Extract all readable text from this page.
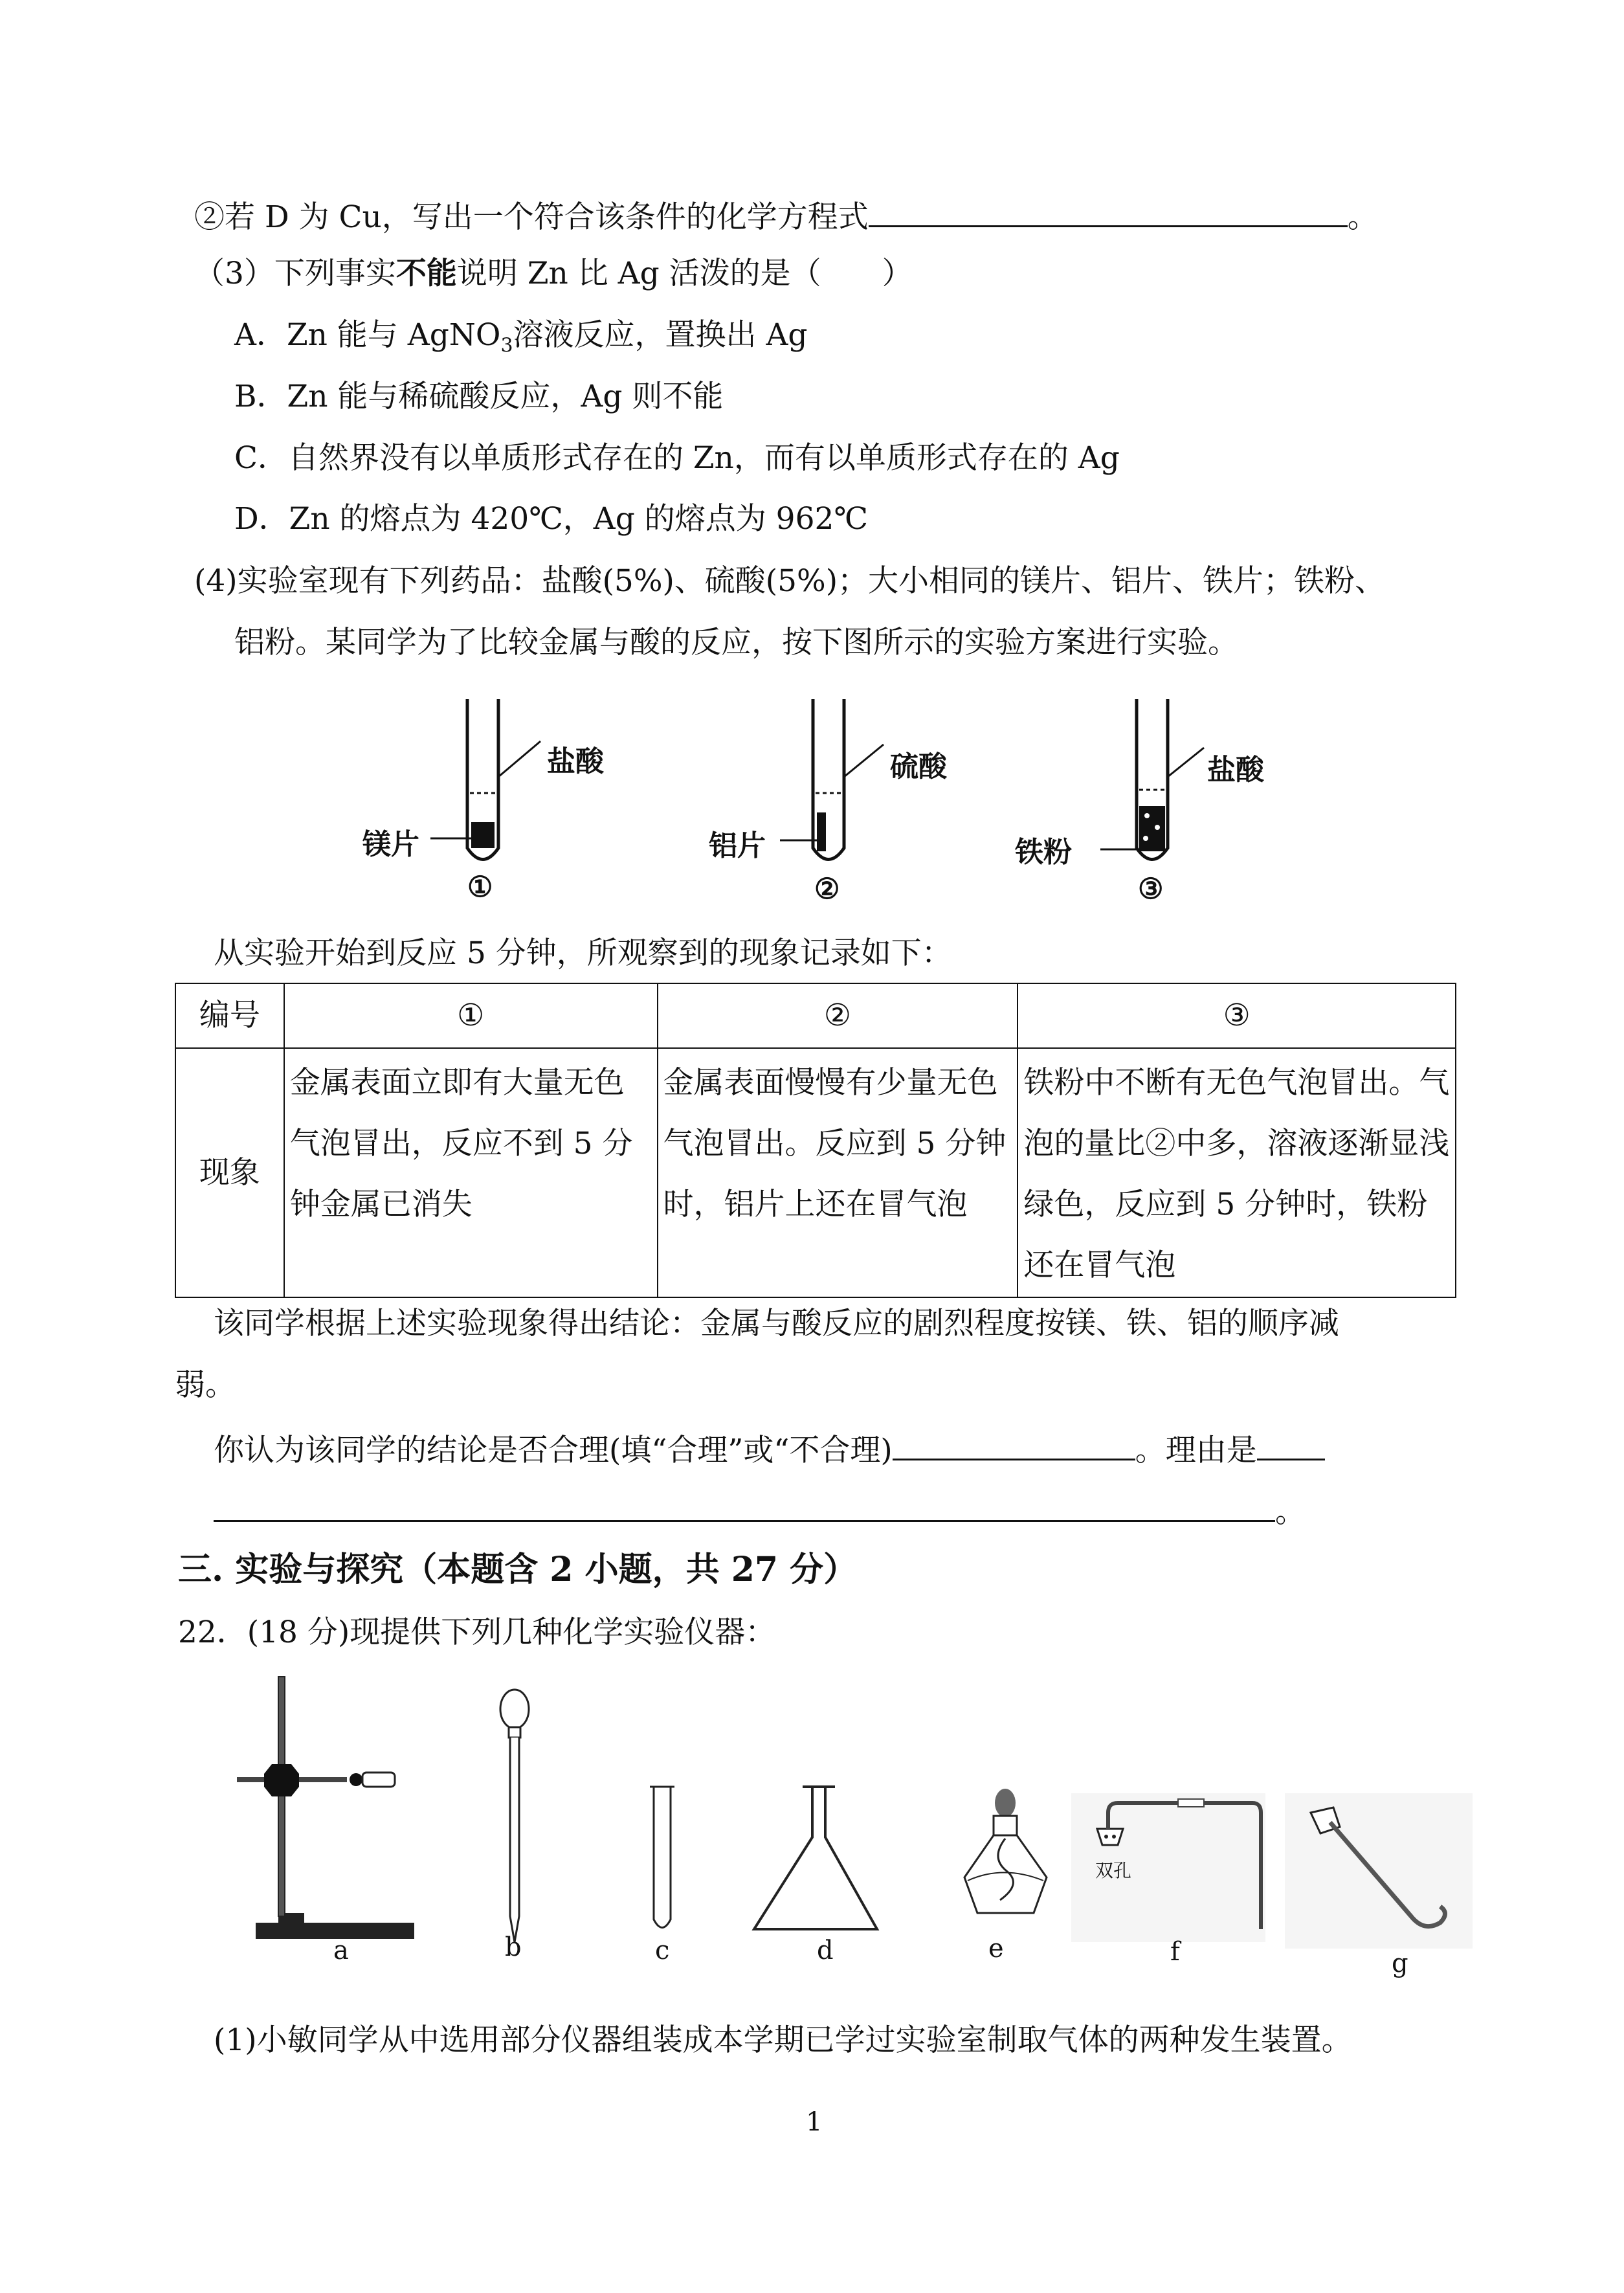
②若 D 为 Cu，写出一个符合该条件的化学方程式	。
（3）下列事实不能说明 Zn 比 Ag 活泼的是（　　）
A．Zn 能与 AgNO$_3$溶液反应，置换出 Ag
B．Zn 能与稀硫酸反应，Ag 则不能
C．自然界没有以单质形式存在的 Zn，而有以单质形式存在的 Ag
D．Zn 的熔点为 420℃，Ag 的熔点为 962℃
(4)实验室现有下列药品：盐酸(5%)、硫酸(5%)；大小相同的镁片、铝片、铁片；铁粉、
铝粉。某同学为了比较金属与酸的反应，按下图所示的实验方案进行实验。
盐酸
镁片
①
硫酸
铝片
②
盐酸
铁粉
③
从实验开始到反应 5 分钟，所观察到的现象记录如下：
编号	①	②	③
现象	金属表面立即有大量无色气泡冒出，反应不到 5 分钟金属已消失	金属表面慢慢有少量无色气泡冒出。反应到 5 分钟时，铝片上还在冒气泡	铁粉中不断有无色气泡冒出。气泡的量比②中多，溶液逐渐显浅绿色，反应到 5 分钟时，铁粉还在冒气泡
该同学根据上述实验现象得出结论：金属与酸反应的剧烈程度按镁、铁、铝的顺序减
弱。
你认为该同学的结论是否合理(填“合理”或“不合理)	。理由是
。
三. 实验与探究（本题含 2 小题，共 27 分）
22．(18 分)现提供下列几种化学实验仪器：
a	b	c	d	e	f	g
双孔
(1)小敏同学从中选用部分仪器组装成本学期已学过实验室制取气体的两种发生装置。
1
